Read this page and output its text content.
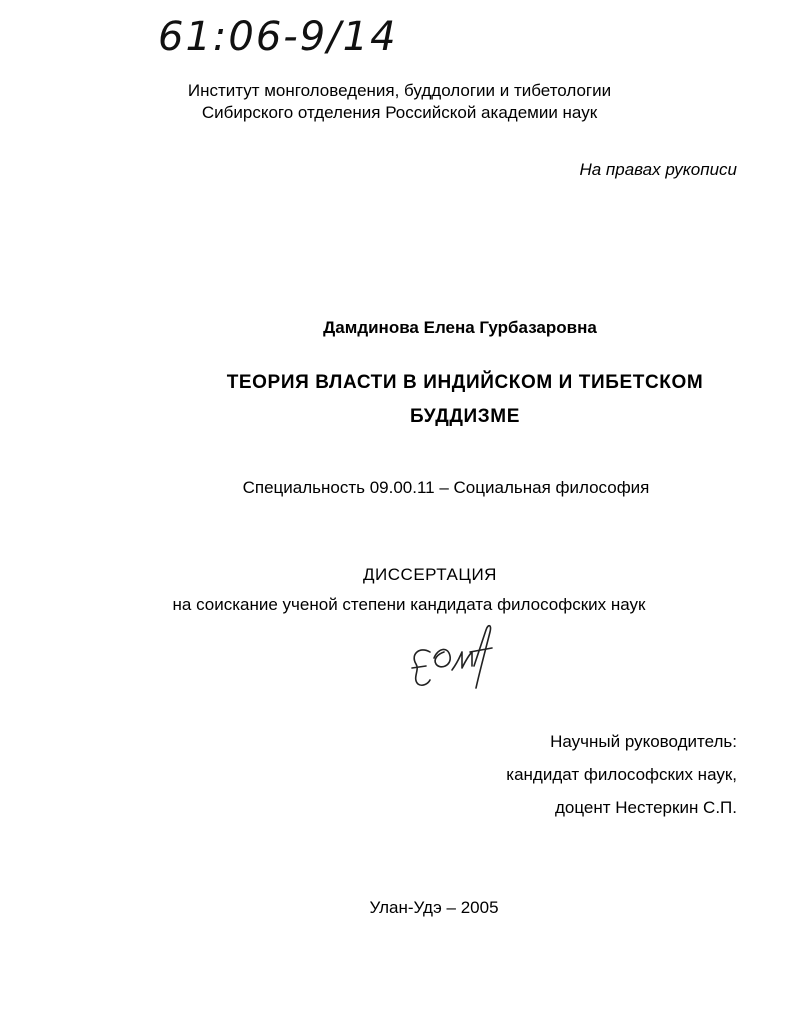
61:06-9/14
Институт монголоведения, буддологии и тибетологии
Сибирского отделения Российской академии наук
На правах рукописи
Дамдинова Елена Гурбазаровна
ТЕОРИЯ ВЛАСТИ В ИНДИЙСКОМ И ТИБЕТСКОМ
БУДДИЗМЕ
Специальность 09.00.11 – Социальная философия
ДИССЕРТАЦИЯ
на соискание ученой степени кандидата философских наук
Научный руководитель:
кандидат философских наук,
доцент Нестеркин С.П.
Улан-Удэ – 2005
